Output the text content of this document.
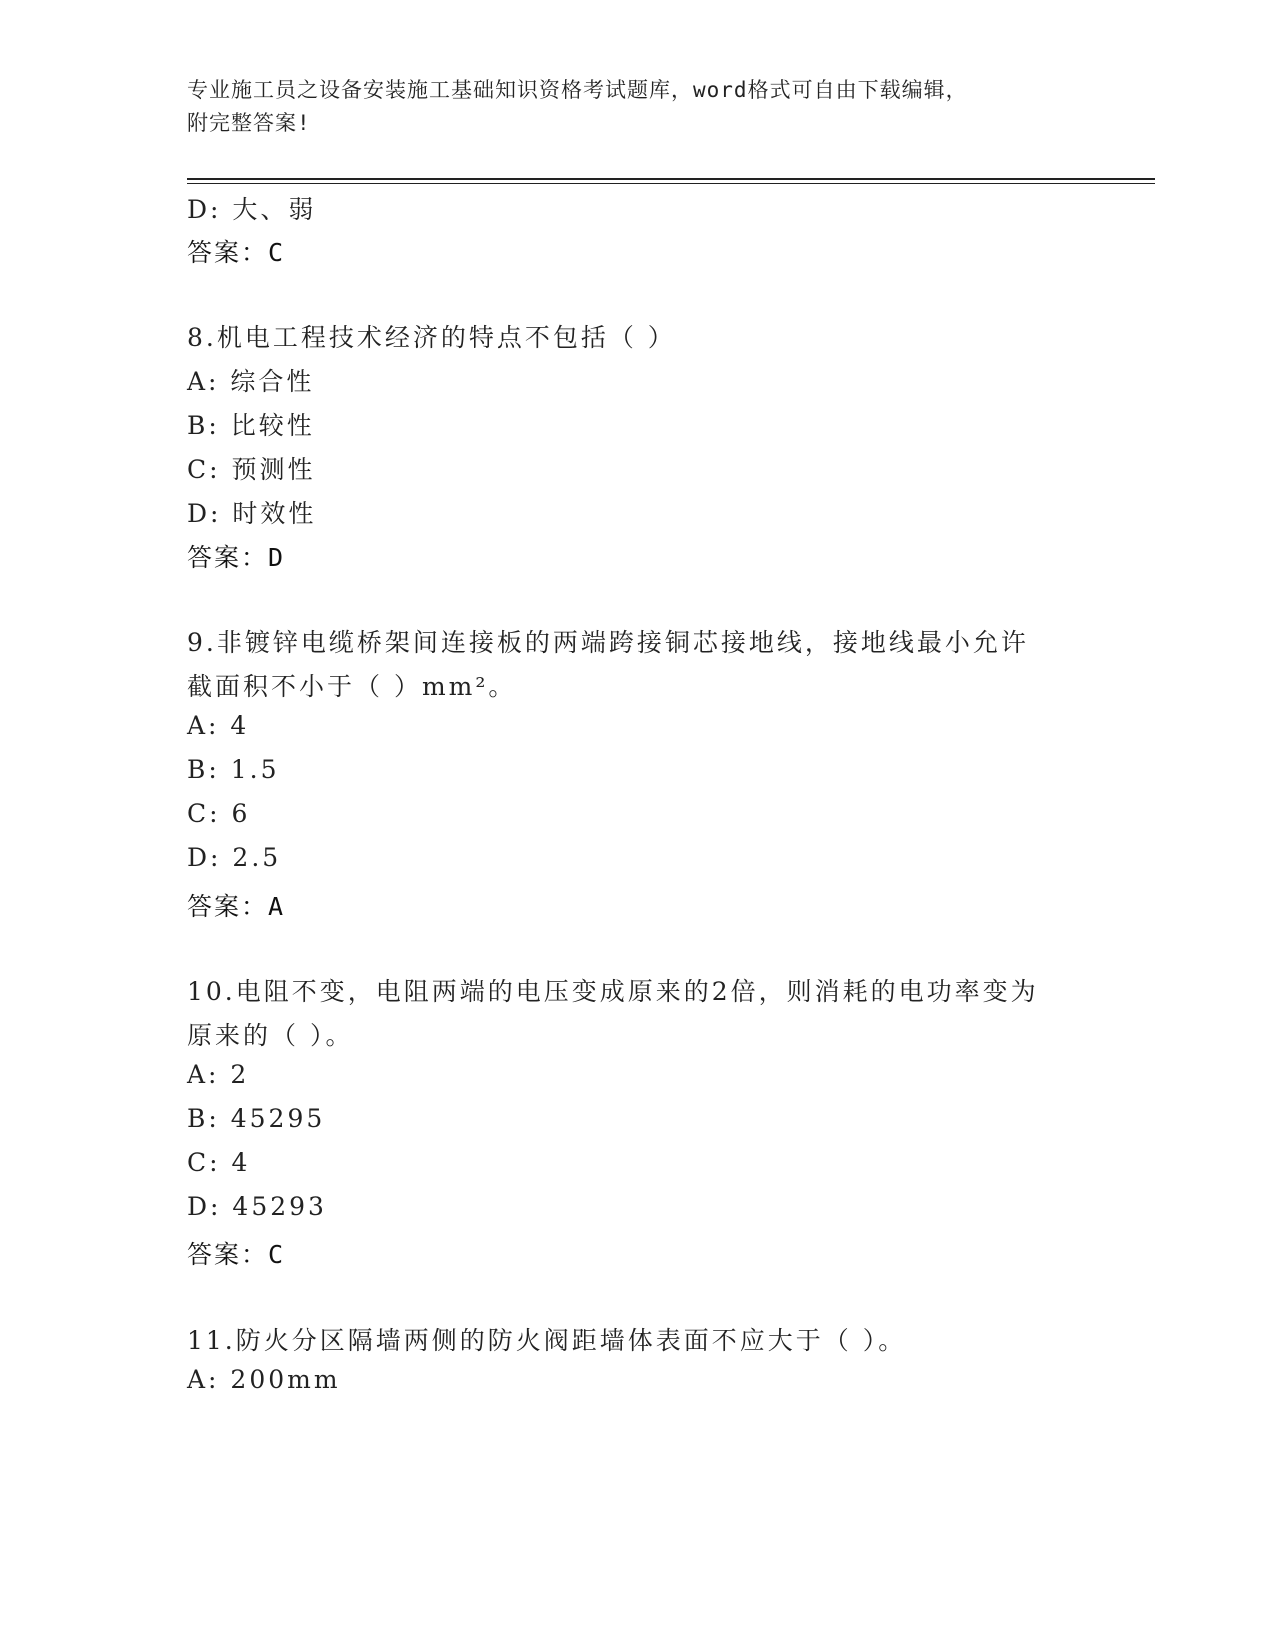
专业施工员之设备安装施工基础知识资格考试题库，word格式可自由下载编辑，
附完整答案!
D: 大、弱
答案：C
8.机电工程技术经济的特点不包括（ ）
A: 综合性
B: 比较性
C: 预测性
D: 时效性
答案：D
9.非镀锌电缆桥架间连接板的两端跨接铜芯接地线，接地线最小允许
截面积不小于（ ）mm²。
A: 4
B: 1.5
C: 6
D: 2.5
答案：A
10.电阻不变，电阻两端的电压变成原来的2倍，则消耗的电功率变为
原来的（ ）。
A: 2
B: 45295
C: 4
D: 45293
答案：C
11.防火分区隔墙两侧的防火阀距墙体表面不应大于（ ）。
A: 200mm
